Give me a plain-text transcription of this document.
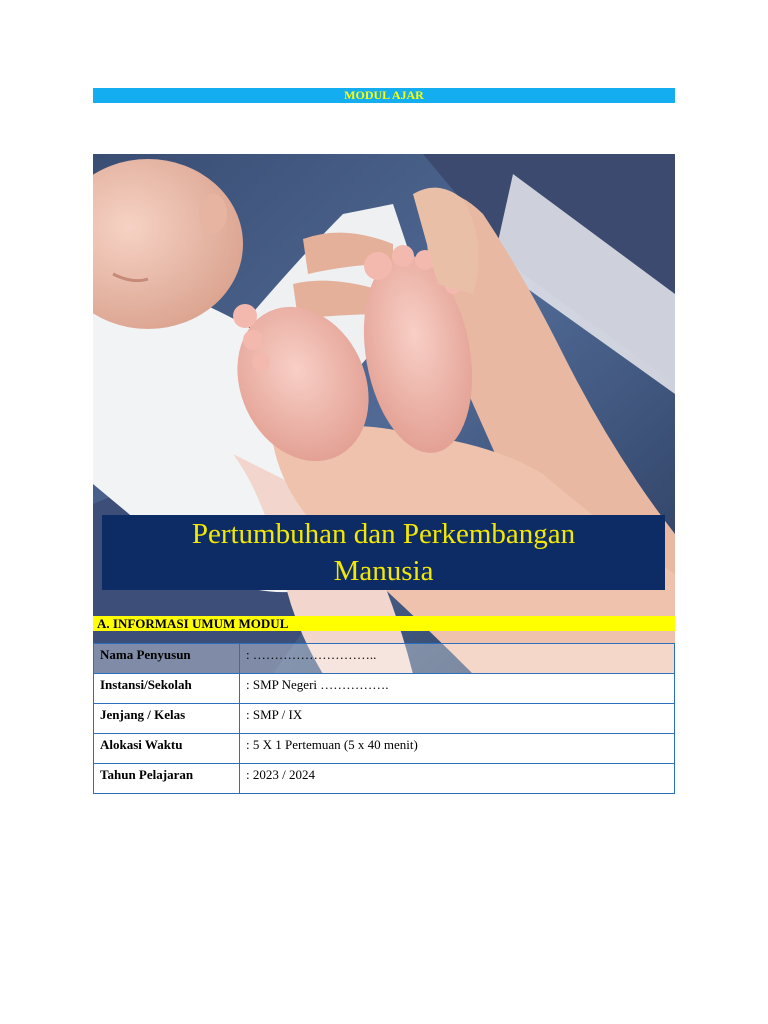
MODUL AJAR
Pertumbuhan dan Perkembangan
Manusia
A. INFORMASI UMUM MODUL
Nama Penyusun	: ………………………..
Instansi/Sekolah	: SMP Negeri …………….
Jenjang / Kelas	: SMP / IX
Alokasi Waktu	: 5 X 1 Pertemuan (5 x 40 menit)
Tahun Pelajaran	: 2023 / 2024
